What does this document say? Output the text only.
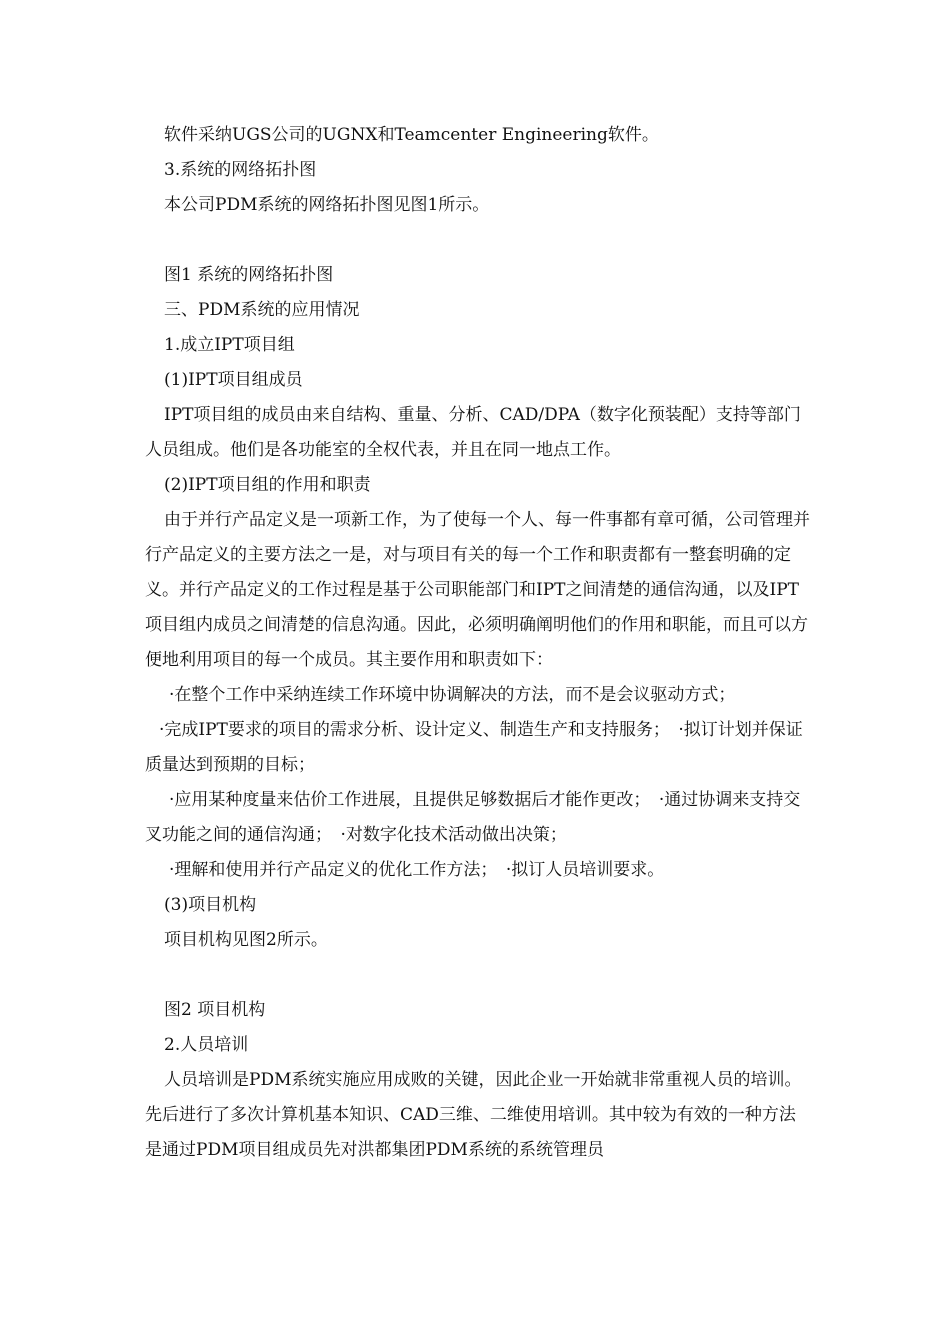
软件采纳UGS公司的UGNX和Teamcenter Engineering软件。

3.系统的网络拓扑图

本公司PDM系统的网络拓扑图见图1所示。

图1 系统的网络拓扑图

三、PDM系统的应用情况

1.成立IPT项目组

(1)IPT项目组成员

IPT项目组的成员由来自结构、重量、分析、CAD/DPA（数字化预装配）支持等部门人员组成。他们是各功能室的全权代表，并且在同一地点工作。

(2)IPT项目组的作用和职责

由于并行产品定义是一项新工作，为了使每一个人、每一件事都有章可循，公司管理并行产品定义的主要方法之一是，对与项目有关的每一个工作和职责都有一整套明确的定义。并行产品定义的工作过程是基于公司职能部门和IPT之间清楚的通信沟通，以及IPT项目组内成员之间清楚的信息沟通。因此，必须明确阐明他们的作用和职能，而且可以方便地利用项目的每一个成员。其主要作用和职责如下：

·在整个工作中采纳连续工作环境中协调解决的方法，而不是会议驱动方式；

·完成IPT要求的项目的需求分析、设计定义、制造生产和支持服务；　·拟订计划并保证质量达到预期的目标；

·应用某种度量来估价工作进展，且提供足够数据后才能作更改；　·通过协调来支持交叉功能之间的通信沟通；　·对数字化技术活动做出决策；

·理解和使用并行产品定义的优化工作方法；　·拟订人员培训要求。

(3)项目机构

项目机构见图2所示。

图2 项目机构

2.人员培训

人员培训是PDM系统实施应用成败的关键，因此企业一开始就非常重视人员的培训。先后进行了多次计算机基本知识、CAD三维、二维使用培训。其中较为有效的一种方法是通过PDM项目组成员先对洪都集团PDM系统的系统管理员
